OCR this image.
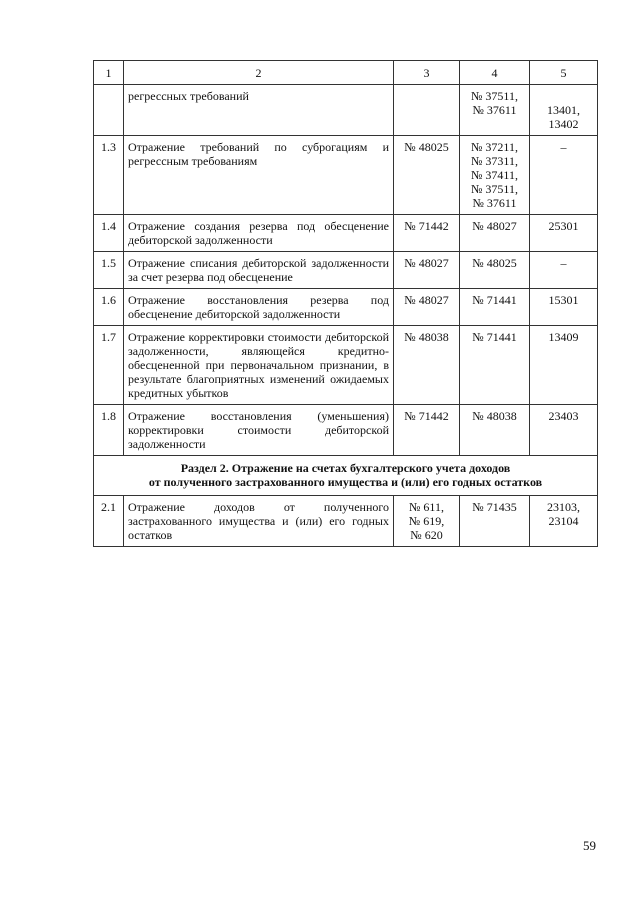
1	2	3	4	5
	регрессных требований		№ 37511,
№ 37611	13401,
13402

1.3	Отражение требований по суброгациям и регрессным требованиям	№ 48025	№ 37211,
№ 37311,
№ 37411,
№ 37511,
№ 37611	–

1.4	Отражение создания резерва под обесценение дебиторской задолженности	№ 71442	№ 48027	25301

1.5	Отражение списания дебиторской задолженности за счет резерва под обесценение	№ 48027	№ 48025	–

1.6	Отражение восстановления резерва под обесценение дебиторской задолженности	№ 48027	№ 71441	15301

1.7	Отражение корректировки стоимости дебиторской задолженности, являющейся кредитно-обесцененной при первоначальном признании, в результате благоприятных изменений ожидаемых кредитных убытков	№ 48038	№ 71441	13409

1.8	Отражение восстановления (уменьшения) корректировки стоимости дебиторской задолженности	№ 71442	№ 48038	23403

Раздел 2. Отражение на счетах бухгалтерского учета доходов
от полученного застрахованного имущества и (или) его годных остатков				

2.1	Отражение доходов от полученного застрахованного имущества и (или) его годных остатков	№ 611,
№ 619,
№ 620	№ 71435	23103,
23104
59
